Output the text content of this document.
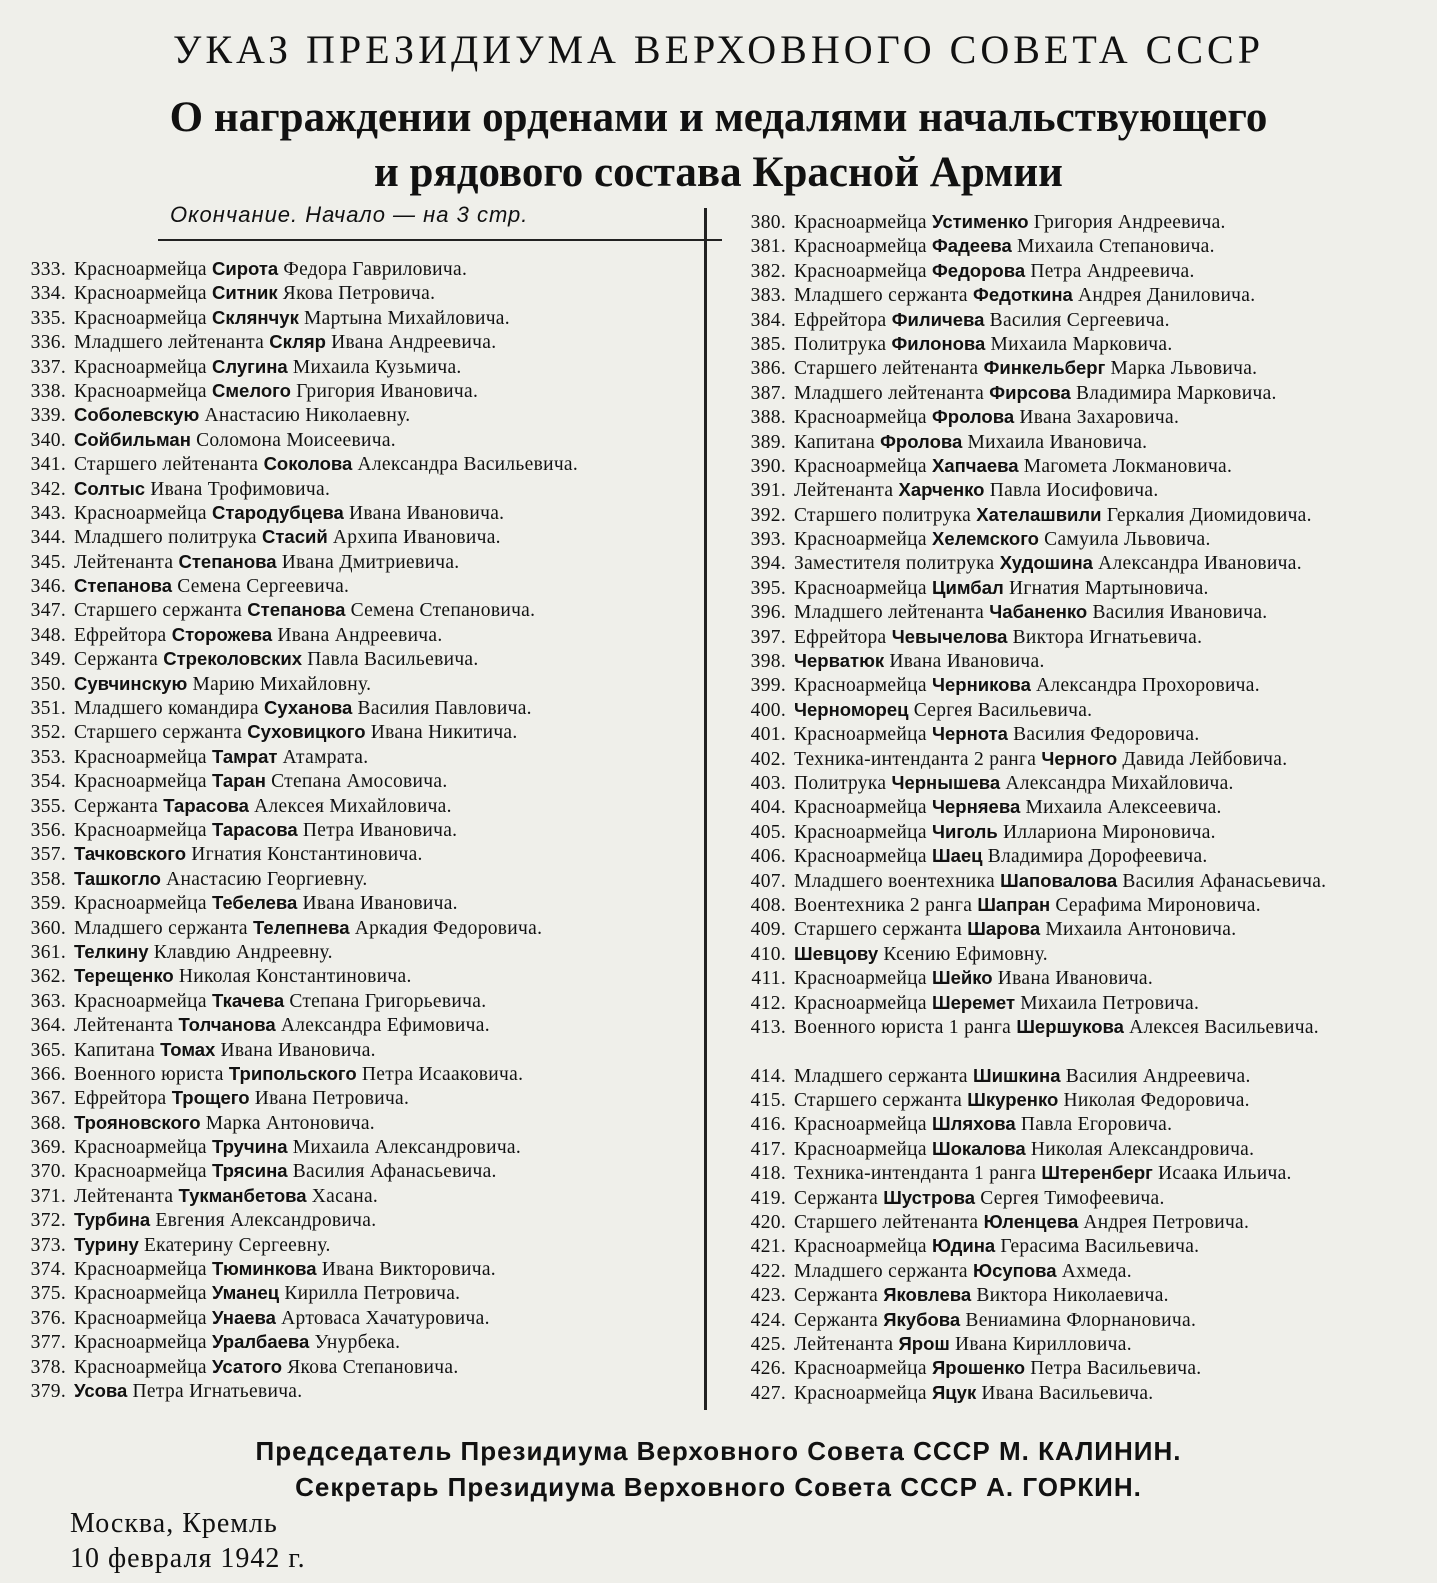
УКАЗ ПРЕЗИДИУМА ВЕРХОВНОГО СОВЕТА СССР
О награждении орденами и медалями начальствующего
и рядового состава Красной Армии
Окончание. Начало — на 3 стр.
333. Красноармейца Сирота Федора Гавриловича.
334. Красноармейца Ситник Якова Петровича.
335. Красноармейца Склянчук Мартына Михайловича.
336. Младшего лейтенанта Скляр Ивана Андреевича.
337. Красноармейца Слугина Михаила Кузьмича.
338. Красноармейца Смелого Григория Ивановича.
339. Соболевскую Анастасию Николаевну.
340. Сойбильман Соломона Моисеевича.
341. Старшего лейтенанта Соколова Александра Васильевича.
342. Солтыс Ивана Трофимовича.
343. Красноармейца Стародубцева Ивана Ивановича.
344. Младшего политрука Стасий Архипа Ивановича.
345. Лейтенанта Степанова Ивана Дмитриевича.
346. Степанова Семена Сергеевича.
347. Старшего сержанта Степанова Семена Степановича.
348. Ефрейтора Сторожева Ивана Андреевича.
349. Сержанта Стреколовских Павла Васильевича.
350. Сувчинскую Марию Михайловну.
351. Младшего командира Суханова Василия Павловича.
352. Старшего сержанта Суховицкого Ивана Никитича.
353. Красноармейца Тамрат Атамрата.
354. Красноармейца Таран Степана Амосовича.
355. Сержанта Тарасова Алексея Михайловича.
356. Красноармейца Тарасова Петра Ивановича.
357. Тачковского Игнатия Константиновича.
358. Ташкогло Анастасию Георгиевну.
359. Красноармейца Тебелева Ивана Ивановича.
360. Младшего сержанта Телепнева Аркадия Федоровича.
361. Телкину Клавдию Андреевну.
362. Терещенко Николая Константиновича.
363. Красноармейца Ткачева Степана Григорьевича.
364. Лейтенанта Толчанова Александра Ефимовича.
365. Капитана Томах Ивана Ивановича.
366. Военного юриста Трипольского Петра Исааковича.
367. Ефрейтора Трощего Ивана Петровича.
368. Трояновского Марка Антоновича.
369. Красноармейца Тручина Михаила Александровича.
370. Красноармейца Трясина Василия Афанасьевича.
371. Лейтенанта Тукманбетова Хасана.
372. Турбина Евгения Александровича.
373. Турину Екатерину Сергеевну.
374. Красноармейца Тюминкова Ивана Викторовича.
375. Красноармейца Уманец Кирилла Петровича.
376. Красноармейца Унаева Артоваса Хачатуровича.
377. Красноармейца Уралбаева Унурбека.
378. Красноармейца Усатого Якова Степановича.
379. Усова Петра Игнатьевича.
380. Красноармейца Устименко Григория Андреевича.
381. Красноармейца Фадеева Михаила Степановича.
382. Красноармейца Федорова Петра Андреевича.
383. Младшего сержанта Федоткина Андрея Даниловича.
384. Ефрейтора Филичева Василия Сергеевича.
385. Политрука Филонова Михаила Марковича.
386. Старшего лейтенанта Финкельберг Марка Львовича.
387. Младшего лейтенанта Фирсова Владимира Марковича.
388. Красноармейца Фролова Ивана Захаровича.
389. Капитана Фролова Михаила Ивановича.
390. Красноармейца Хапчаева Магомета Локмановича.
391. Лейтенанта Харченко Павла Иосифовича.
392. Старшего политрука Хателашвили Геркалия Диомидовича.
393. Красноармейца Хелемского Самуила Львовича.
394. Заместителя политрука Худошина Александра Ивановича.
395. Красноармейца Цимбал Игнатия Мартыновича.
396. Младшего лейтенанта Чабаненко Василия Ивановича.
397. Ефрейтора Чевычелова Виктора Игнатьевича.
398. Черватюк Ивана Ивановича.
399. Красноармейца Черникова Александра Прохоровича.
400. Черноморец Сергея Васильевича.
401. Красноармейца Чернота Василия Федоровича.
402. Техника-интенданта 2 ранга Черного Давида Лейбовича.
403. Политрука Чернышева Александра Михайловича.
404. Красноармейца Черняева Михаила Алексеевича.
405. Красноармейца Чиголь Иллариона Мироновича.
406. Красноармейца Шаец Владимира Дорофеевича.
407. Младшего воентехника Шаповалова Василия Афанасьевича.
408. Воентехника 2 ранга Шапран Серафима Мироновича.
409. Старшего сержанта Шарова Михаила Антоновича.
410. Шевцову Ксению Ефимовну.
411. Красноармейца Шейко Ивана Ивановича.
412. Красноармейца Шеремет Михаила Петровича.
413. Военного юриста 1 ранга Шершукова Алексея Васильевича.
414. Младшего сержанта Шишкина Василия Андреевича.
415. Старшего сержанта Шкуренко Николая Федоровича.
416. Красноармейца Шляхова Павла Егоровича.
417. Красноармейца Шокалова Николая Александровича.
418. Техника-интенданта 1 ранга Штеренберг Исаака Ильича.
419. Сержанта Шустрова Сергея Тимофеевича.
420. Старшего лейтенанта Юленцева Андрея Петровича.
421. Красноармейца Юдина Герасима Васильевича.
422. Младшего сержанта Юсупова Ахмеда.
423. Сержанта Яковлева Виктора Николаевича.
424. Сержанта Якубова Вениамина Флорнановича.
425. Лейтенанта Ярош Ивана Кирилловича.
426. Красноармейца Ярошенко Петра Васильевича.
427. Красноармейца Яцук Ивана Васильевича.
Председатель Президиума Верховного Совета СССР М. КАЛИНИН.
Секретарь Президиума Верховного Совета СССР А. ГОРКИН.
Москва, Кремль
10 февраля 1942 г.
